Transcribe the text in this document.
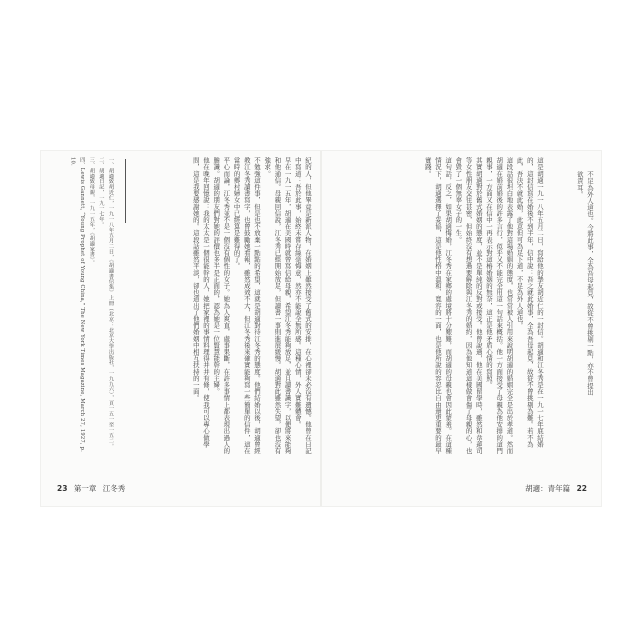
紀的人，但他畢竟是新派人物，在婚姻上雖然接受了舊式的安排，在心裡卻未必沒有遺憾。他曾在日記中寫道：吾於此事，始終未嘗存絲毫悔意，然亦不能說全無所感。這種心情，外人實難體會。

早在一九一五年，胡適在美國時就曾寫信給母親，希望江冬秀能夠放足，並且讀書識字，以便將來能夠和他通信。母親回信說，江冬秀已經開始放足，但讀書一事則進展緩慢。胡適對此雖然失望，卻也沒有強求。

不勉強這件事，但是也不放棄一點點的希望，這就是胡適對待江冬秀的態度。他們結婚以後，胡適曾經教江冬秀讀書寫字，也曾鼓勵她看報，雖然成效不大，但江冬秀後來確實能夠寫一些簡單的信件，這在當時的鄉村婦女中已經算是難得的了。

平心而論，江冬秀並不是一個沒有個性的女子。她為人爽直，處事果斷，在許多事情上都表現出過人的膽識。胡適的朋友們對她的評價也多半是正面的，認為她是一位賢慧能幹的主婦。

他在晚年回憶說：我的太太是一個很能幹的人，她把家裡的事情料理得井井有條，使我可以專心做學問，這是我要感謝她的。這段話雖然平淡，卻也道出了他們婚姻中相互扶持的一面。

一、胡適致胡近仁，一九一八年五月二日，《胡適書信集》上冊（北京：北京大學出版社，一九九六），頁一五一至一五二。

二、胡適日記，一九一七年。

三、胡適致母親，一九一五年，《胡適家書》。

四、Lewis Gannett, “Young Prophet of Young China,” The New York Times Magazine, March 27, 1927, p. 10.

23 第一章 江冬秀

不足為外人道也。今將此事，全為吾母起見，故從不曾挑剔一點，亦不曾提出

欲責耳。

這是胡適一九一八年五月二日，寫給他的摯友胡近仁的一封信。胡適和江冬秀是在一九一七年底結婚的，這封信寫在婚後不到半年，信中說：吾之就此婚事，全為吾母起見，故從不曾挑剔為難。若不為此，吾決不就此婚，此意但可為足下道，不足為外人道也。

這段話很坦白地表露了他對這場婚姻的態度，也常常被人引用來說明胡適的婚姻完全是出於孝道。然而胡適在婚前婚後的許多言行，似乎又不能完全用這一句話來概括。他一方面接受了母親為他安排的這門親事，一方面又在信中一再表示對這樁婚姻的無奈，這正是他矛盾心情的寫照。

其實胡適對於舊式婚姻的態度，並不是單純的反對或接受。他曾說過，他在美國留學時，雖然和韋蓮司等女性朋友交往甚密，但始終沒有想過要解除與江冬秀的婚約，因為他知道這樣做會傷了母親的心，也會毀了一個無辜女子的一生。

這句話，反之，如果胡適悔婚，江冬秀在家鄉的處境將十分艱難，而胡適的母親也會因此蒙羞。在這種情況下，胡適選擇了妥協，這是他性格中溫和、寬容的一面，也是他所說的容忍比自由還更重要的最早實踐。

胡適：青年篇 22
